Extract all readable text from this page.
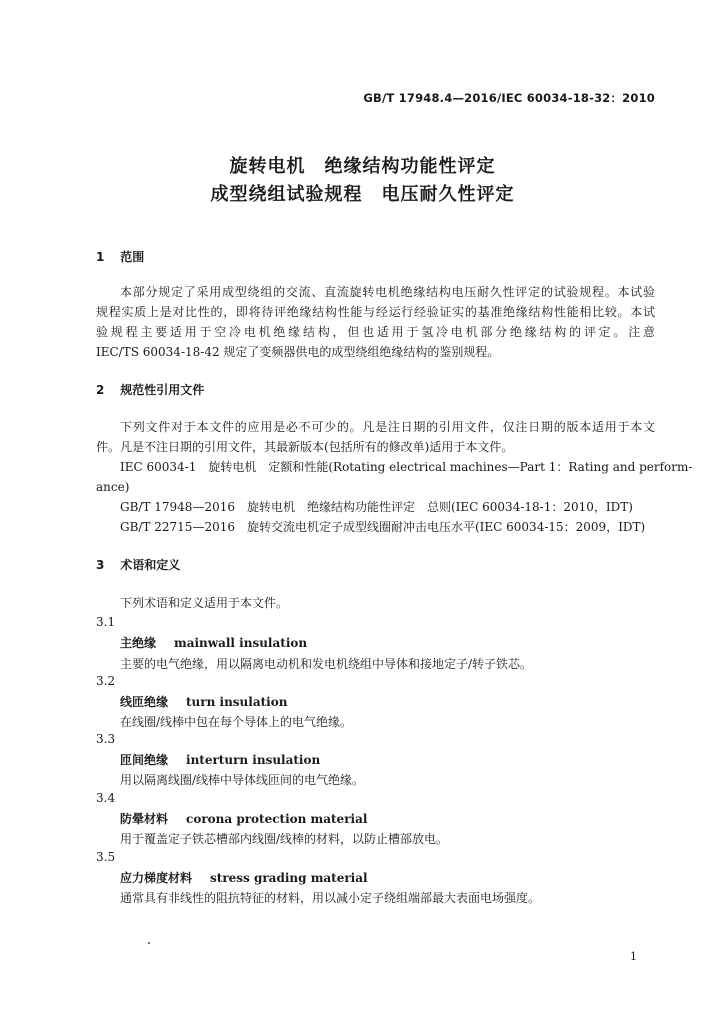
GB/T 17948.4—2016/IEC 60034-18-32：2010
旋转电机　绝缘结构功能性评定
成型绕组试验规程　电压耐久性评定
1 范围
本部分规定了采用成型绕组的交流、直流旋转电机绝缘结构电压耐久性评定的试验规程。本试验
规程实质上是对比性的，即将待评绝缘结构性能与经运行经验证实的基准绝缘结构性能相比较。本试
验规程主要适用于空冷电机绝缘结构，但也适用于氢冷电机部分绝缘结构的评定。注意
IEC/TS 60034-18-42 规定了变频器供电的成型绕组绝缘结构的鉴别规程。
2 规范性引用文件
下列文件对于本文件的应用是必不可少的。凡是注日期的引用文件，仅注日期的版本适用于本文
件。凡是不注日期的引用文件，其最新版本(包括所有的修改单)适用于本文件。
IEC 60034-1　旋转电机　定额和性能(Rotating electrical machines—Part 1：Rating and perform-
ance)
GB/T 17948—2016　旋转电机　绝缘结构功能性评定　总则(IEC 60034-18-1：2010，IDT)
GB/T 22715—2016　旋转交流电机定子成型线圈耐冲击电压水平(IEC 60034-15：2009，IDT)
3 术语和定义
下列术语和定义适用于本文件。
3.1
主绝缘 mainwall insulation
主要的电气绝缘，用以隔离电动机和发电机绕组中导体和接地定子/转子铁芯。
3.2
线匝绝缘 turn insulation
在线圈/线棒中包在每个导体上的电气绝缘。
3.3
匝间绝缘 interturn insulation
用以隔离线圈/线棒中导体线匝间的电气绝缘。
3.4
防晕材料 corona protection material
用于覆盖定子铁芯槽部内线圈/线棒的材料，以防止槽部放电。
3.5
应力梯度材料 stress grading material
通常具有非线性的阻抗特征的材料，用以减小定子绕组端部最大表面电场强度。
1
